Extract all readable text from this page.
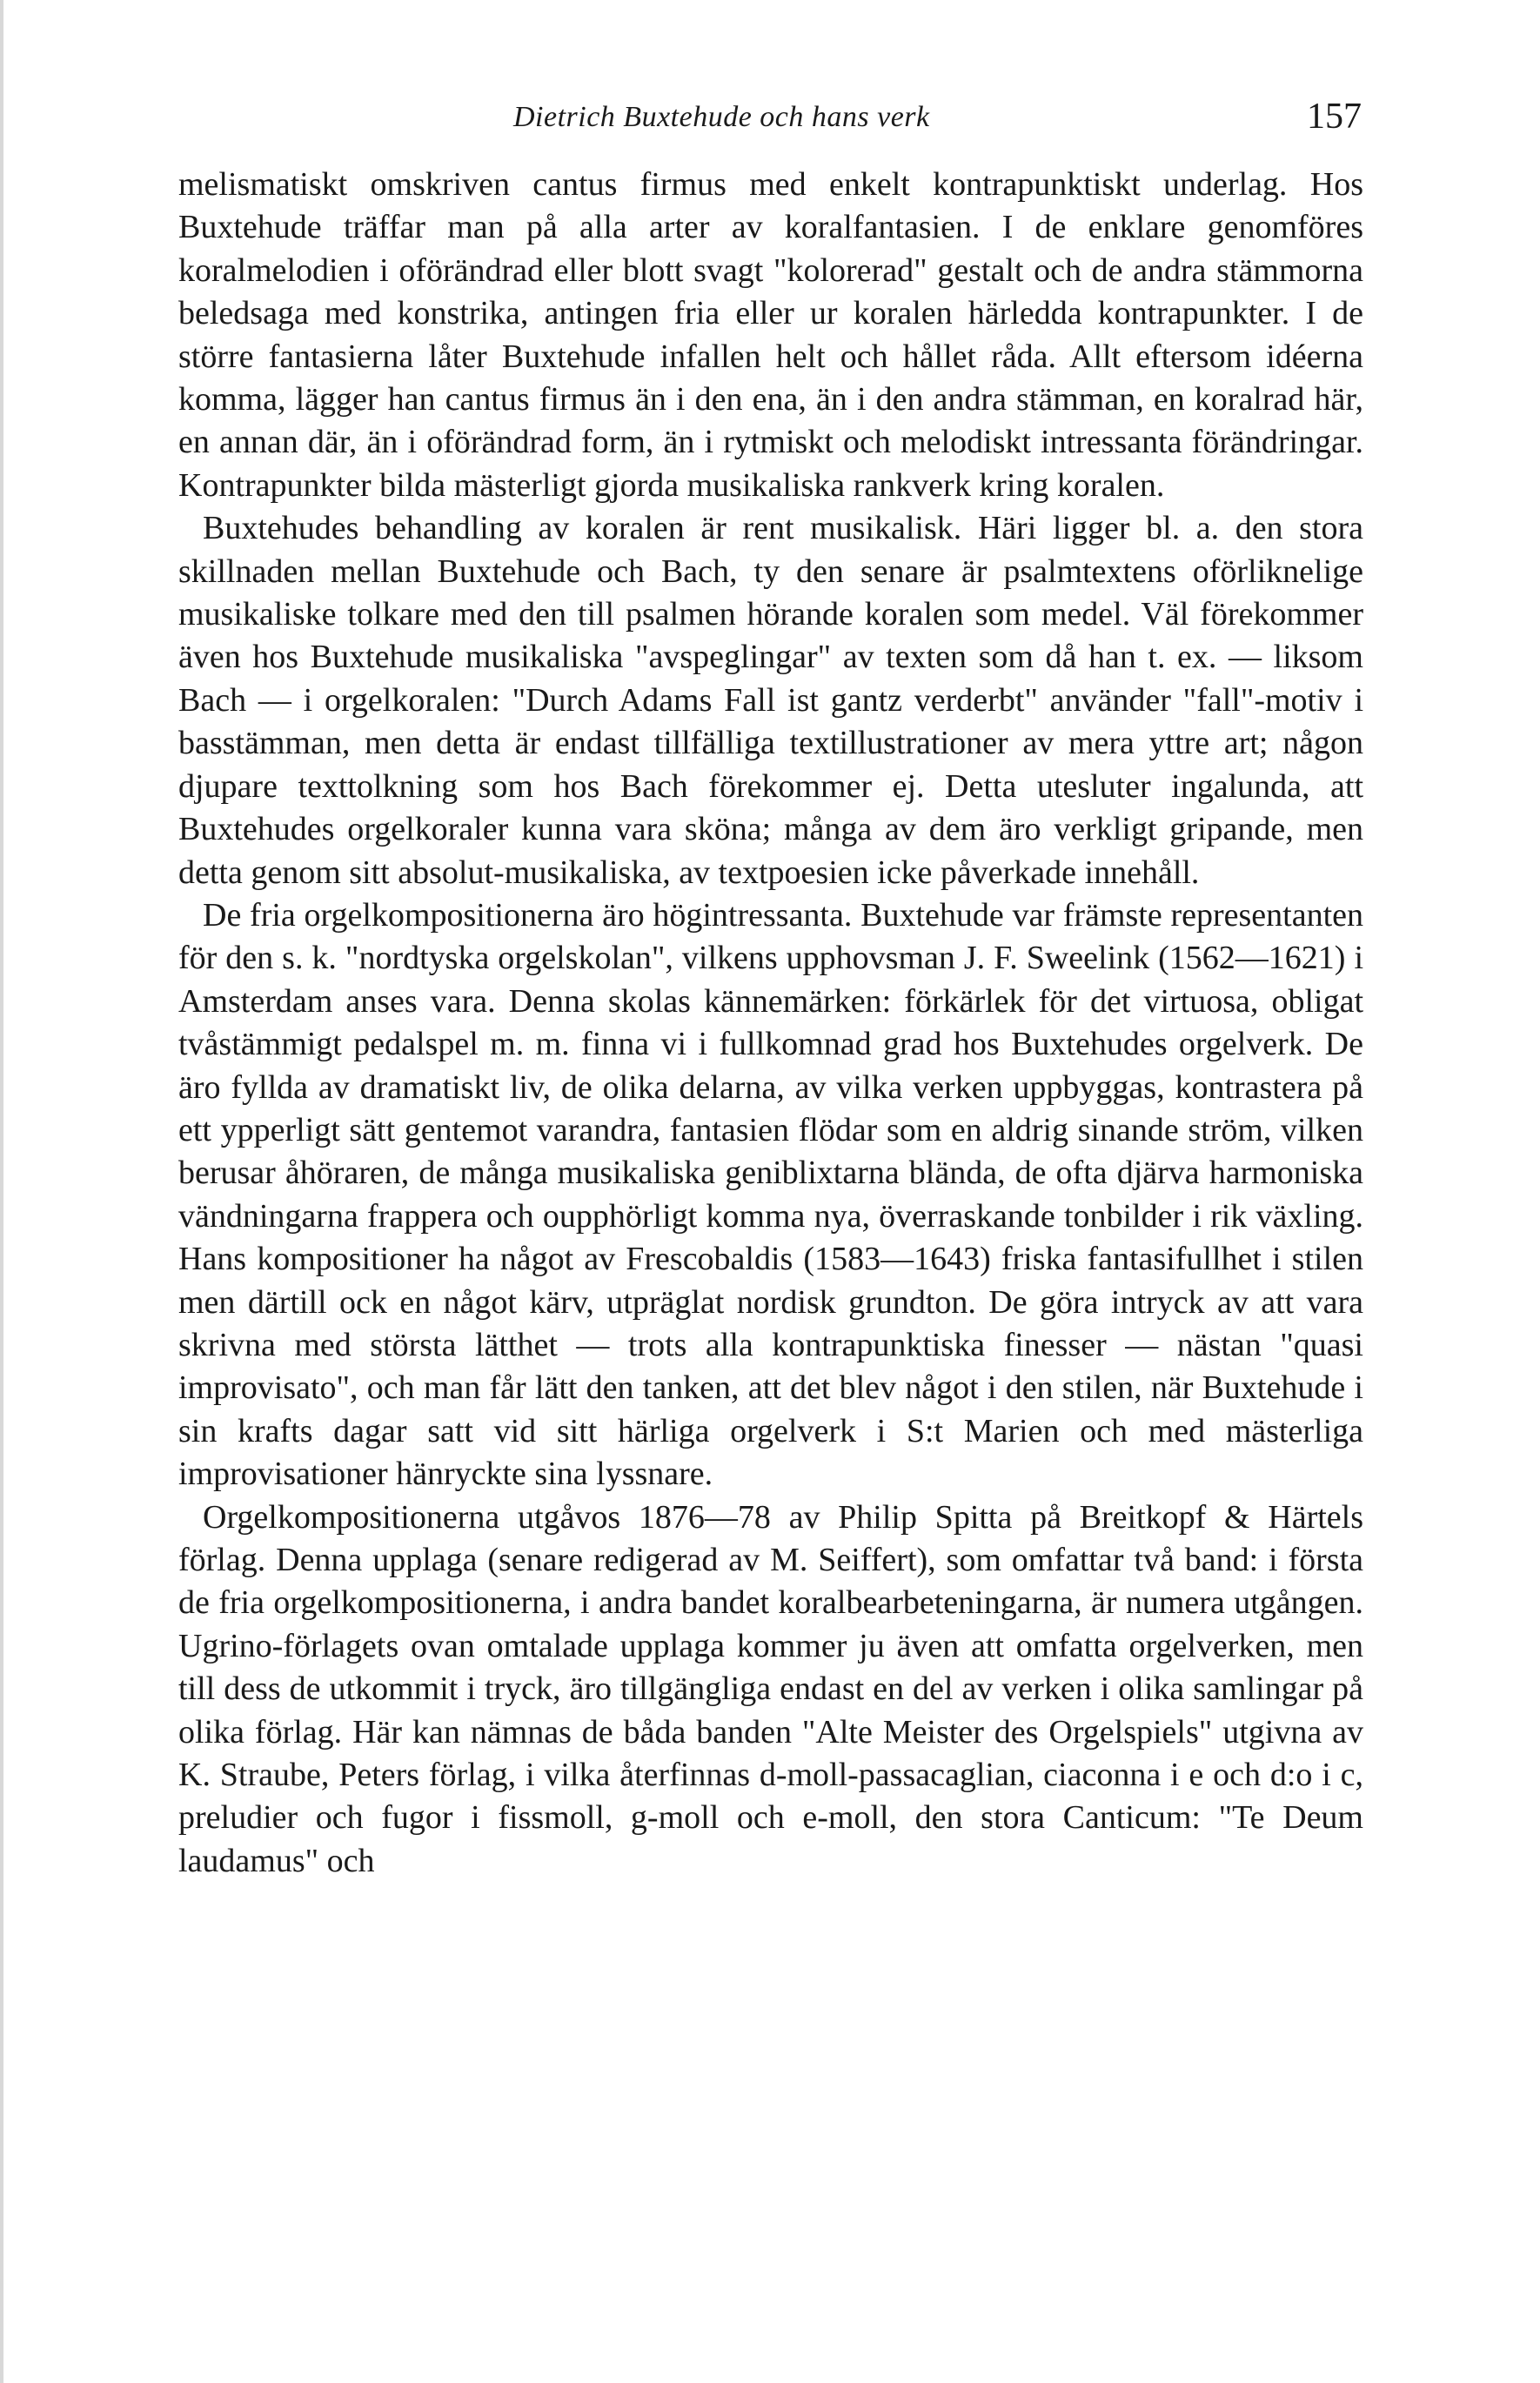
Dietrich Buxtehude och hans verk	157

melismatiskt omskriven cantus firmus med enkelt kontrapunktiskt underlag. Hos Buxtehude träffar man på alla arter av koralfantasien. I de enklare genomföres koralmelodien i oförändrad eller blott svagt "kolorerad" gestalt och de andra stämmorna beledsaga med konstrika, antingen fria eller ur koralen härledda kontrapunkter. I de större fantasierna låter Buxtehude infallen helt och hållet råda. Allt eftersom idéerna komma, lägger han cantus firmus än i den ena, än i den andra stämman, en koralrad här, en annan där, än i oförändrad form, än i rytmiskt och melodiskt intressanta förändringar. Kontrapunkter bilda mästerligt gjorda musikaliska rankverk kring koralen.

Buxtehudes behandling av koralen är rent musikalisk. Häri ligger bl. a. den stora skillnaden mellan Buxtehude och Bach, ty den senare är psalmtextens oförliknelige musikaliske tolkare med den till psalmen hörande koralen som medel. Väl förekommer även hos Buxtehude musikaliska "avspeglingar" av texten som då han t. ex. — liksom Bach — i orgelkoralen: "Durch Adams Fall ist gantz verderbt" använder "fall"-motiv i basstämman, men detta är endast tillfälliga textillustrationer av mera yttre art; någon djupare texttolkning som hos Bach förekommer ej. Detta utesluter ingalunda, att Buxtehudes orgelkoraler kunna vara sköna; många av dem äro verkligt gripande, men detta genom sitt absolut-musikaliska, av textpoesien icke påverkade innehåll.

De fria orgelkompositionerna äro högintressanta. Buxtehude var främste representanten för den s. k. "nordtyska orgelskolan", vilkens upphovsman J. F. Sweelink (1562—1621) i Amsterdam anses vara. Denna skolas kännemärken: förkärlek för det virtuosa, obligat tvåstämmigt pedalspel m. m. finna vi i fullkomnad grad hos Buxtehudes orgelverk. De äro fyllda av dramatiskt liv, de olika delarna, av vilka verken uppbyggas, kontrastera på ett ypperligt sätt gentemot varandra, fantasien flödar som en aldrig sinande ström, vilken berusar åhöraren, de många musikaliska geniblixtarna blända, de ofta djärva harmoniska vändningarna frappera och oupphörligt komma nya, överraskande tonbilder i rik växling. Hans kompositioner ha något av Frescobaldis (1583—1643) friska fantasifullhet i stilen men därtill ock en något kärv, utpräglat nordisk grundton. De göra intryck av att vara skrivna med största lätthet — trots alla kontrapunktiska finesser — nästan "quasi improvisato", och man får lätt den tanken, att det blev något i den stilen, när Buxtehude i sin krafts dagar satt vid sitt härliga orgelverk i S:t Marien och med mästerliga improvisationer hänryckte sina lyssnare.

Orgelkompositionerna utgåvos 1876—78 av Philip Spitta på Breitkopf & Härtels förlag. Denna upplaga (senare redigerad av M. Seiffert), som omfattar två band: i första de fria orgelkompositionerna, i andra bandet koralbearbeteningarna, är numera utgången. Ugrino-förlagets ovan omtalade upplaga kommer ju även att omfatta orgelverken, men till dess de utkommit i tryck, äro tillgängliga endast en del av verken i olika samlingar på olika förlag. Här kan nämnas de båda banden "Alte Meister des Orgelspiels" utgivna av K. Straube, Peters förlag, i vilka återfinnas d-moll-passacaglian, ciaconna i e och d:o i c, preludier och fugor i fissmoll, g-moll och e-moll, den stora Canticum: "Te Deum laudamus" och
